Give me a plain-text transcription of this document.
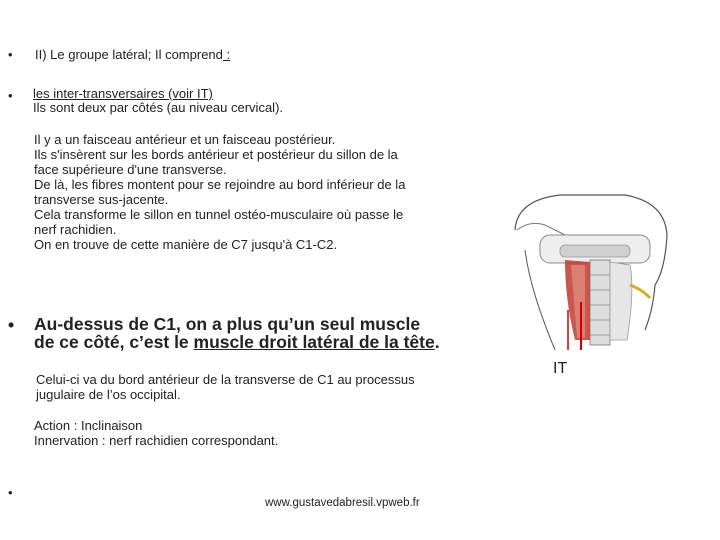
• II) Le groupe latéral; Il comprend :
• les inter-transversaires (voir IT)
Ils sont deux par côtés (au niveau cervical).
Il y a un faisceau antérieur et un faisceau postérieur.
Ils s'insèrent sur les bords antérieur et postérieur du sillon de la
face supérieure d'une transverse.
De là, les fibres montent pour se rejoindre au bord inférieur de la
transverse sus-jacente.
Cela transforme le sillon en tunnel ostéo-musculaire où passe le
nerf rachidien.
On en trouve de cette manière de C7 jusqu'à C1-C2.
• Au-dessus de C1, on a plus qu’un seul muscle
de ce côté, c’est le muscle droit latéral de la tête.
Celui-ci va du bord antérieur de la transverse de C1 au processus
jugulaire de l’os occipital.
Action : Inclinaison
Innervation : nerf rachidien correspondant.
•
IT
www.gustavedabresil.vpweb.fr
